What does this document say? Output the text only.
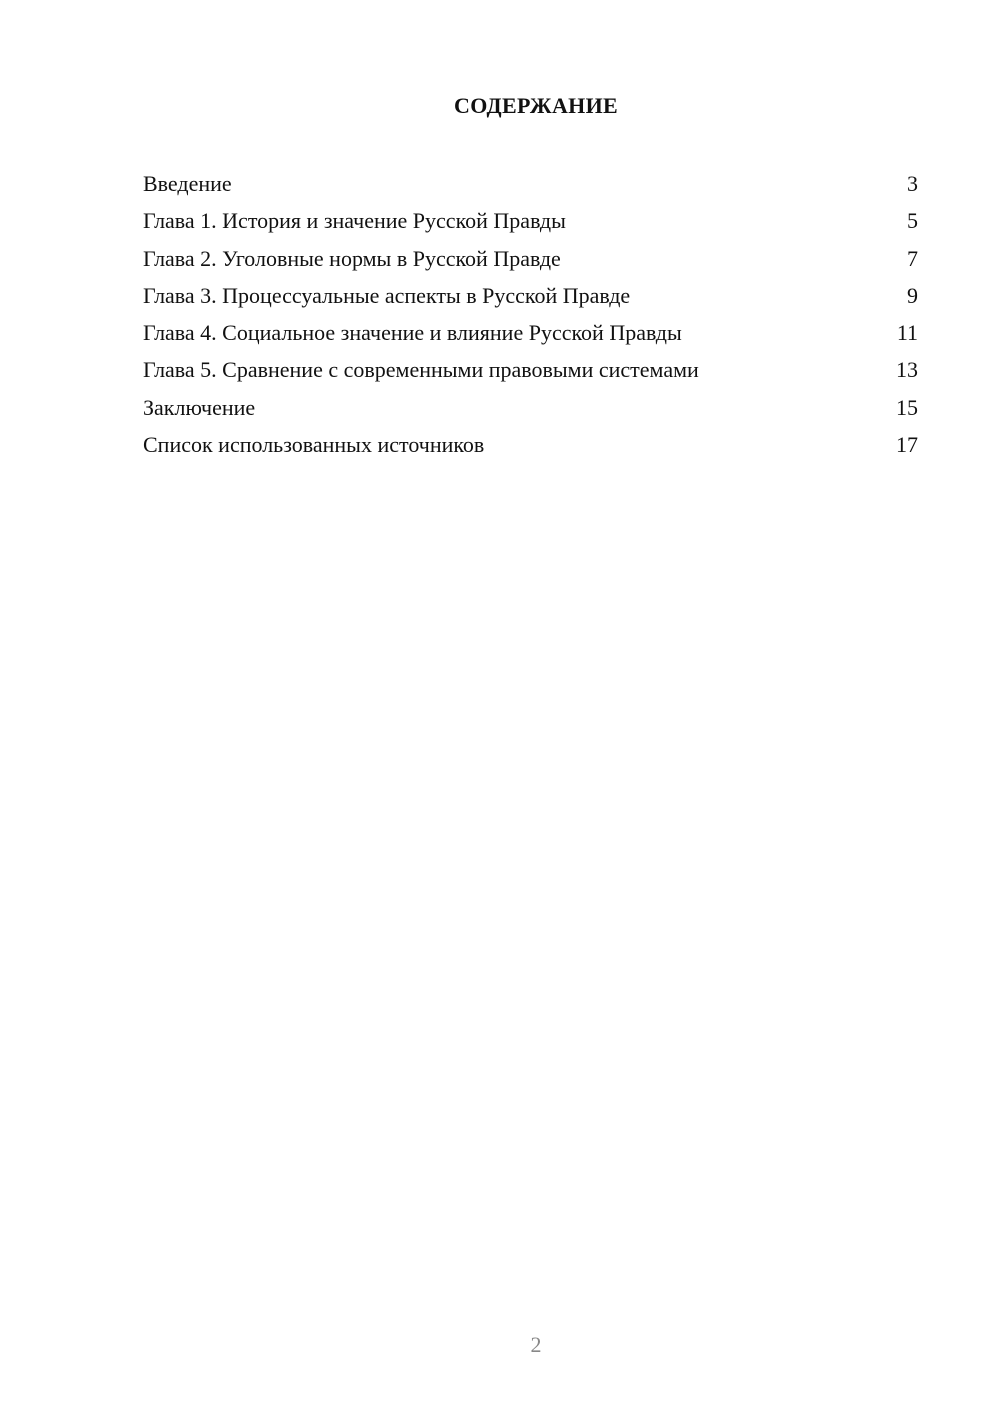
СОДЕРЖАНИЕ
Введение	3
Глава 1. История и значение Русской Правды	5
Глава 2. Уголовные нормы в Русской Правде	7
Глава 3. Процессуальные аспекты в Русской Правде	9
Глава 4. Социальное значение и влияние Русской Правды	11
Глава 5. Сравнение с современными правовыми системами	13
Заключение	15
Список использованных источников	17
2
